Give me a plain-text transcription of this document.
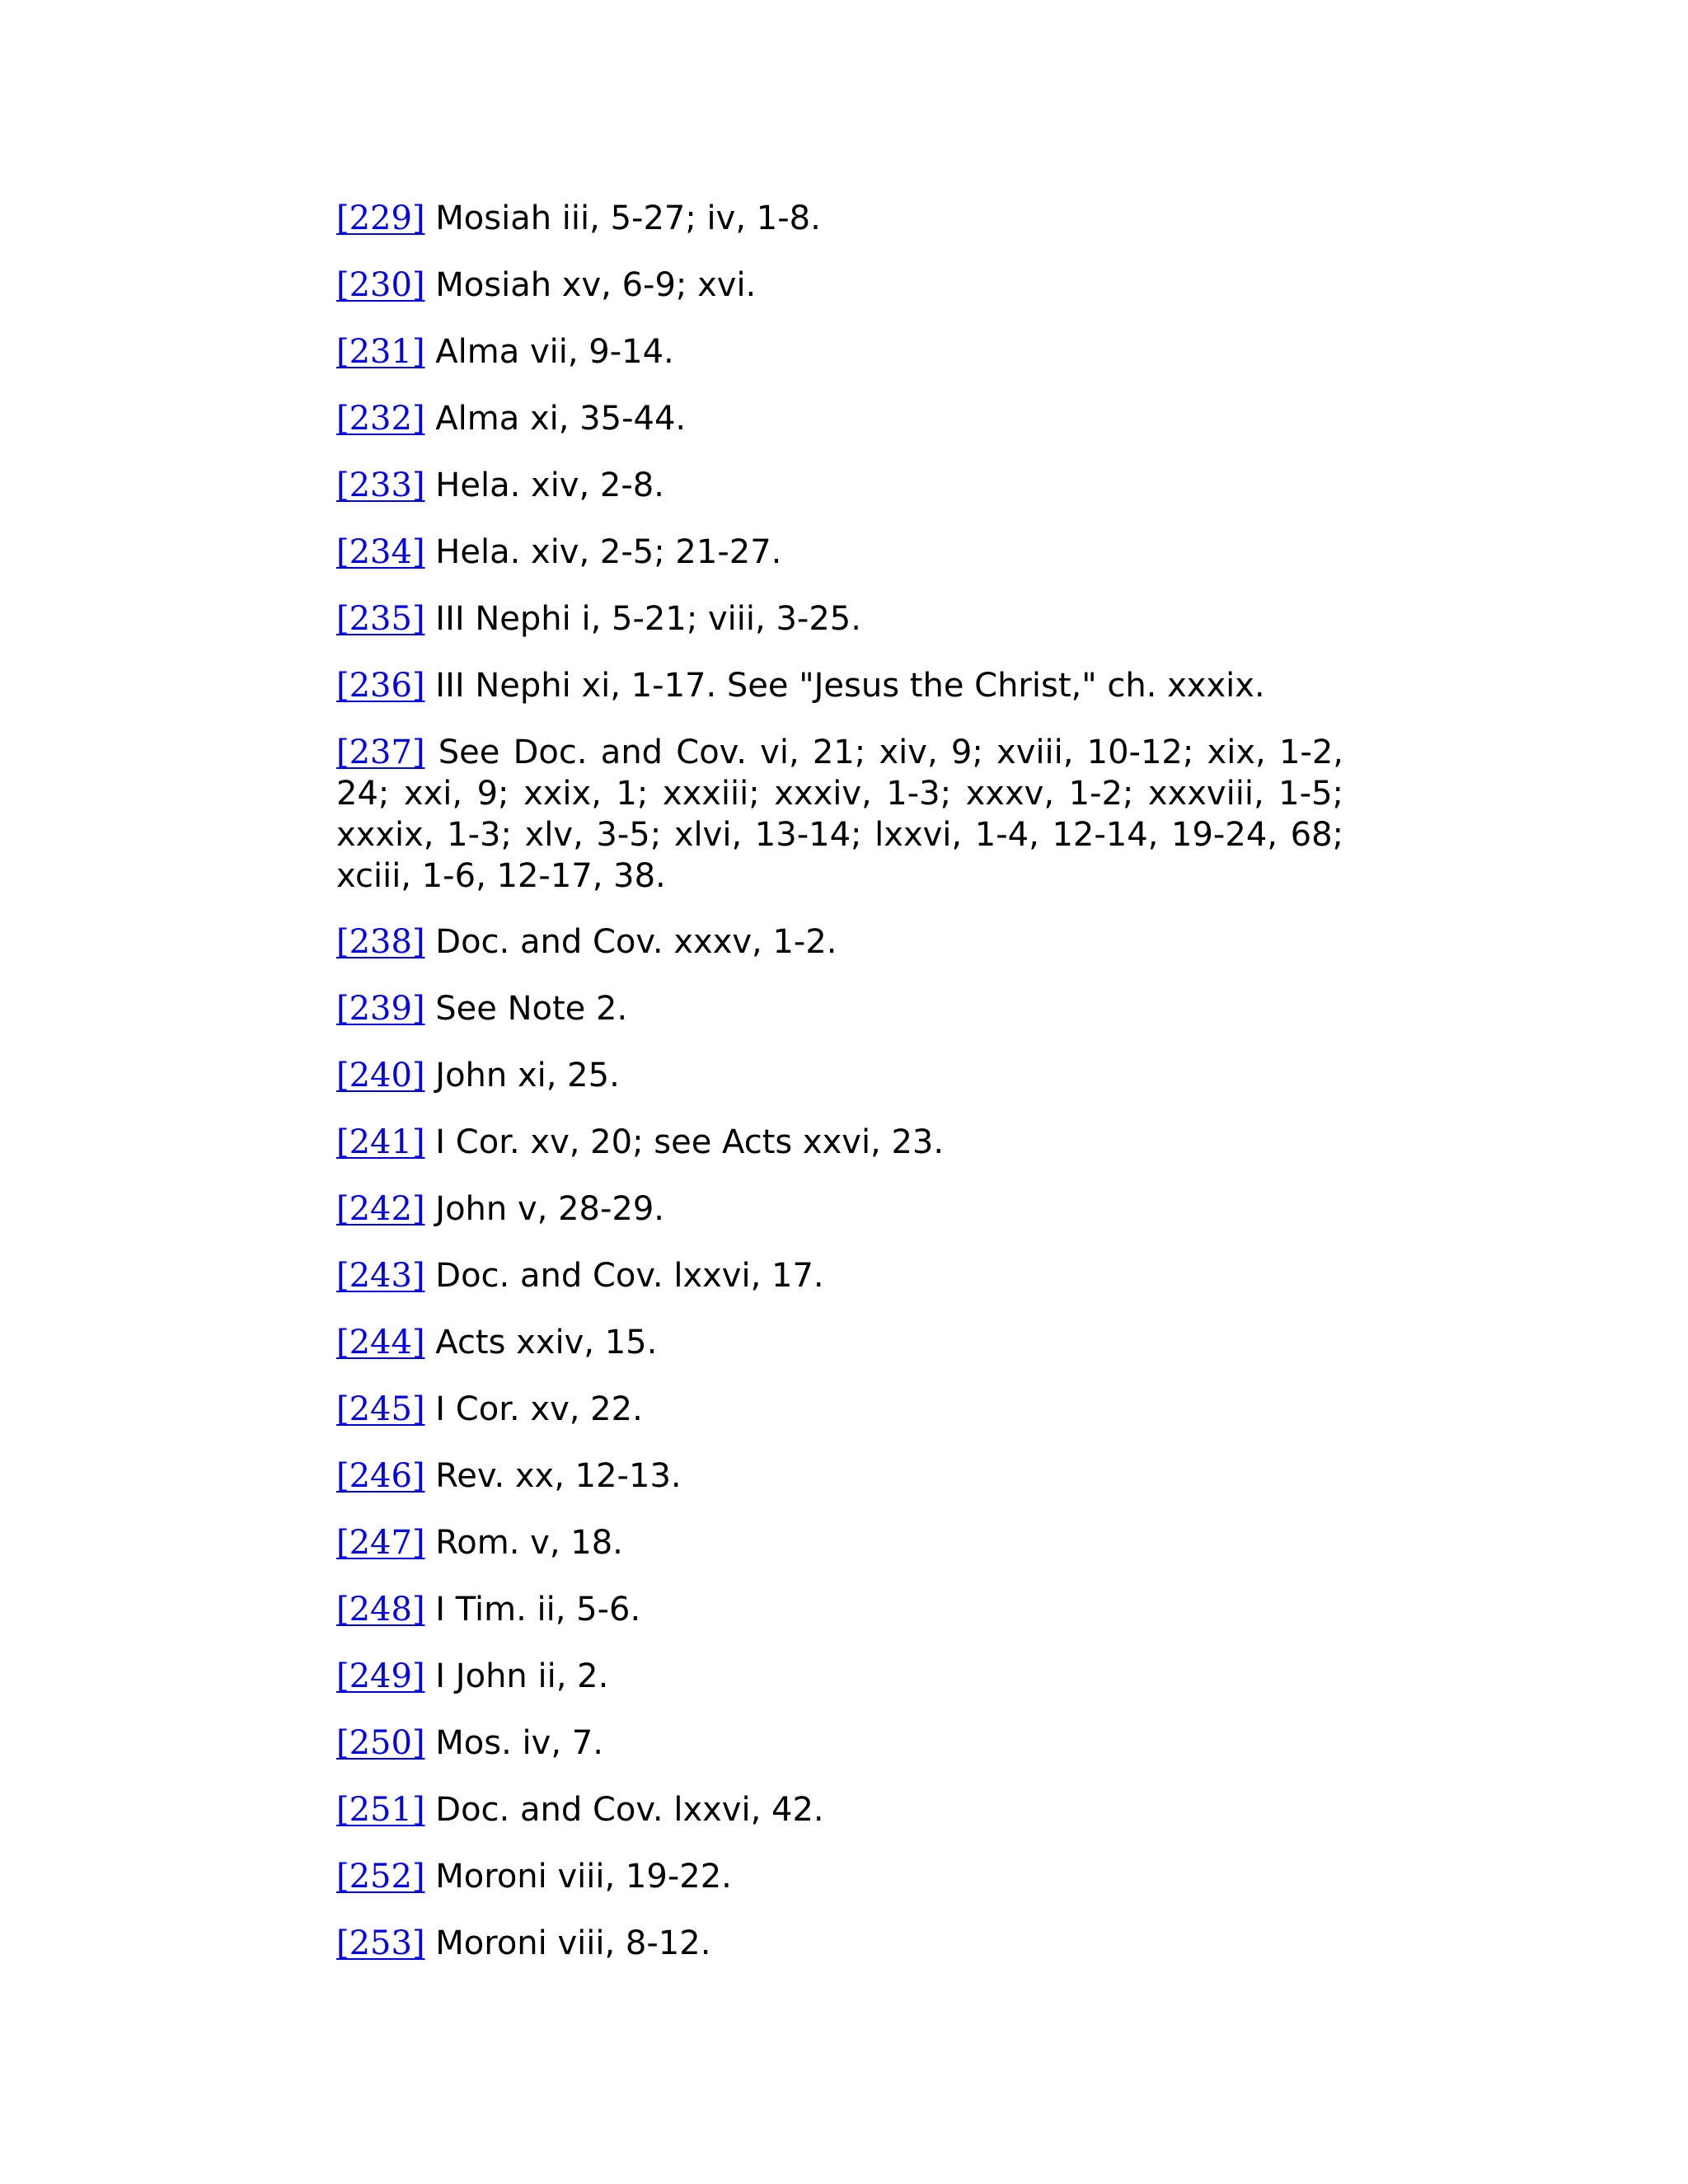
[229] Mosiah iii, 5-27; iv, 1-8.

[230] Mosiah xv, 6-9; xvi.

[231] Alma vii, 9-14.

[232] Alma xi, 35-44.

[233] Hela. xiv, 2-8.

[234] Hela. xiv, 2-5; 21-27.

[235] III Nephi i, 5-21; viii, 3-25.

[236] III Nephi xi, 1-17. See "Jesus the Christ," ch. xxxix.

[237] See Doc. and Cov. vi, 21; xiv, 9; xviii, 10-12; xix, 1-2, 24; xxi, 9; xxix, 1; xxxiii; xxxiv, 1-3; xxxv, 1-2; xxxviii, 1-5; xxxix, 1-3; xlv, 3-5; xlvi, 13-14; lxxvi, 1-4, 12-14, 19-24, 68; xciii, 1-6, 12-17, 38.

[238] Doc. and Cov. xxxv, 1-2.

[239] See Note 2.

[240] John xi, 25.

[241] I Cor. xv, 20; see Acts xxvi, 23.

[242] John v, 28-29.

[243] Doc. and Cov. lxxvi, 17.

[244] Acts xxiv, 15.

[245] I Cor. xv, 22.

[246] Rev. xx, 12-13.

[247] Rom. v, 18.

[248] I Tim. ii, 5-6.

[249] I John ii, 2.

[250] Mos. iv, 7.

[251] Doc. and Cov. lxxvi, 42.

[252] Moroni viii, 19-22.

[253] Moroni viii, 8-12.
